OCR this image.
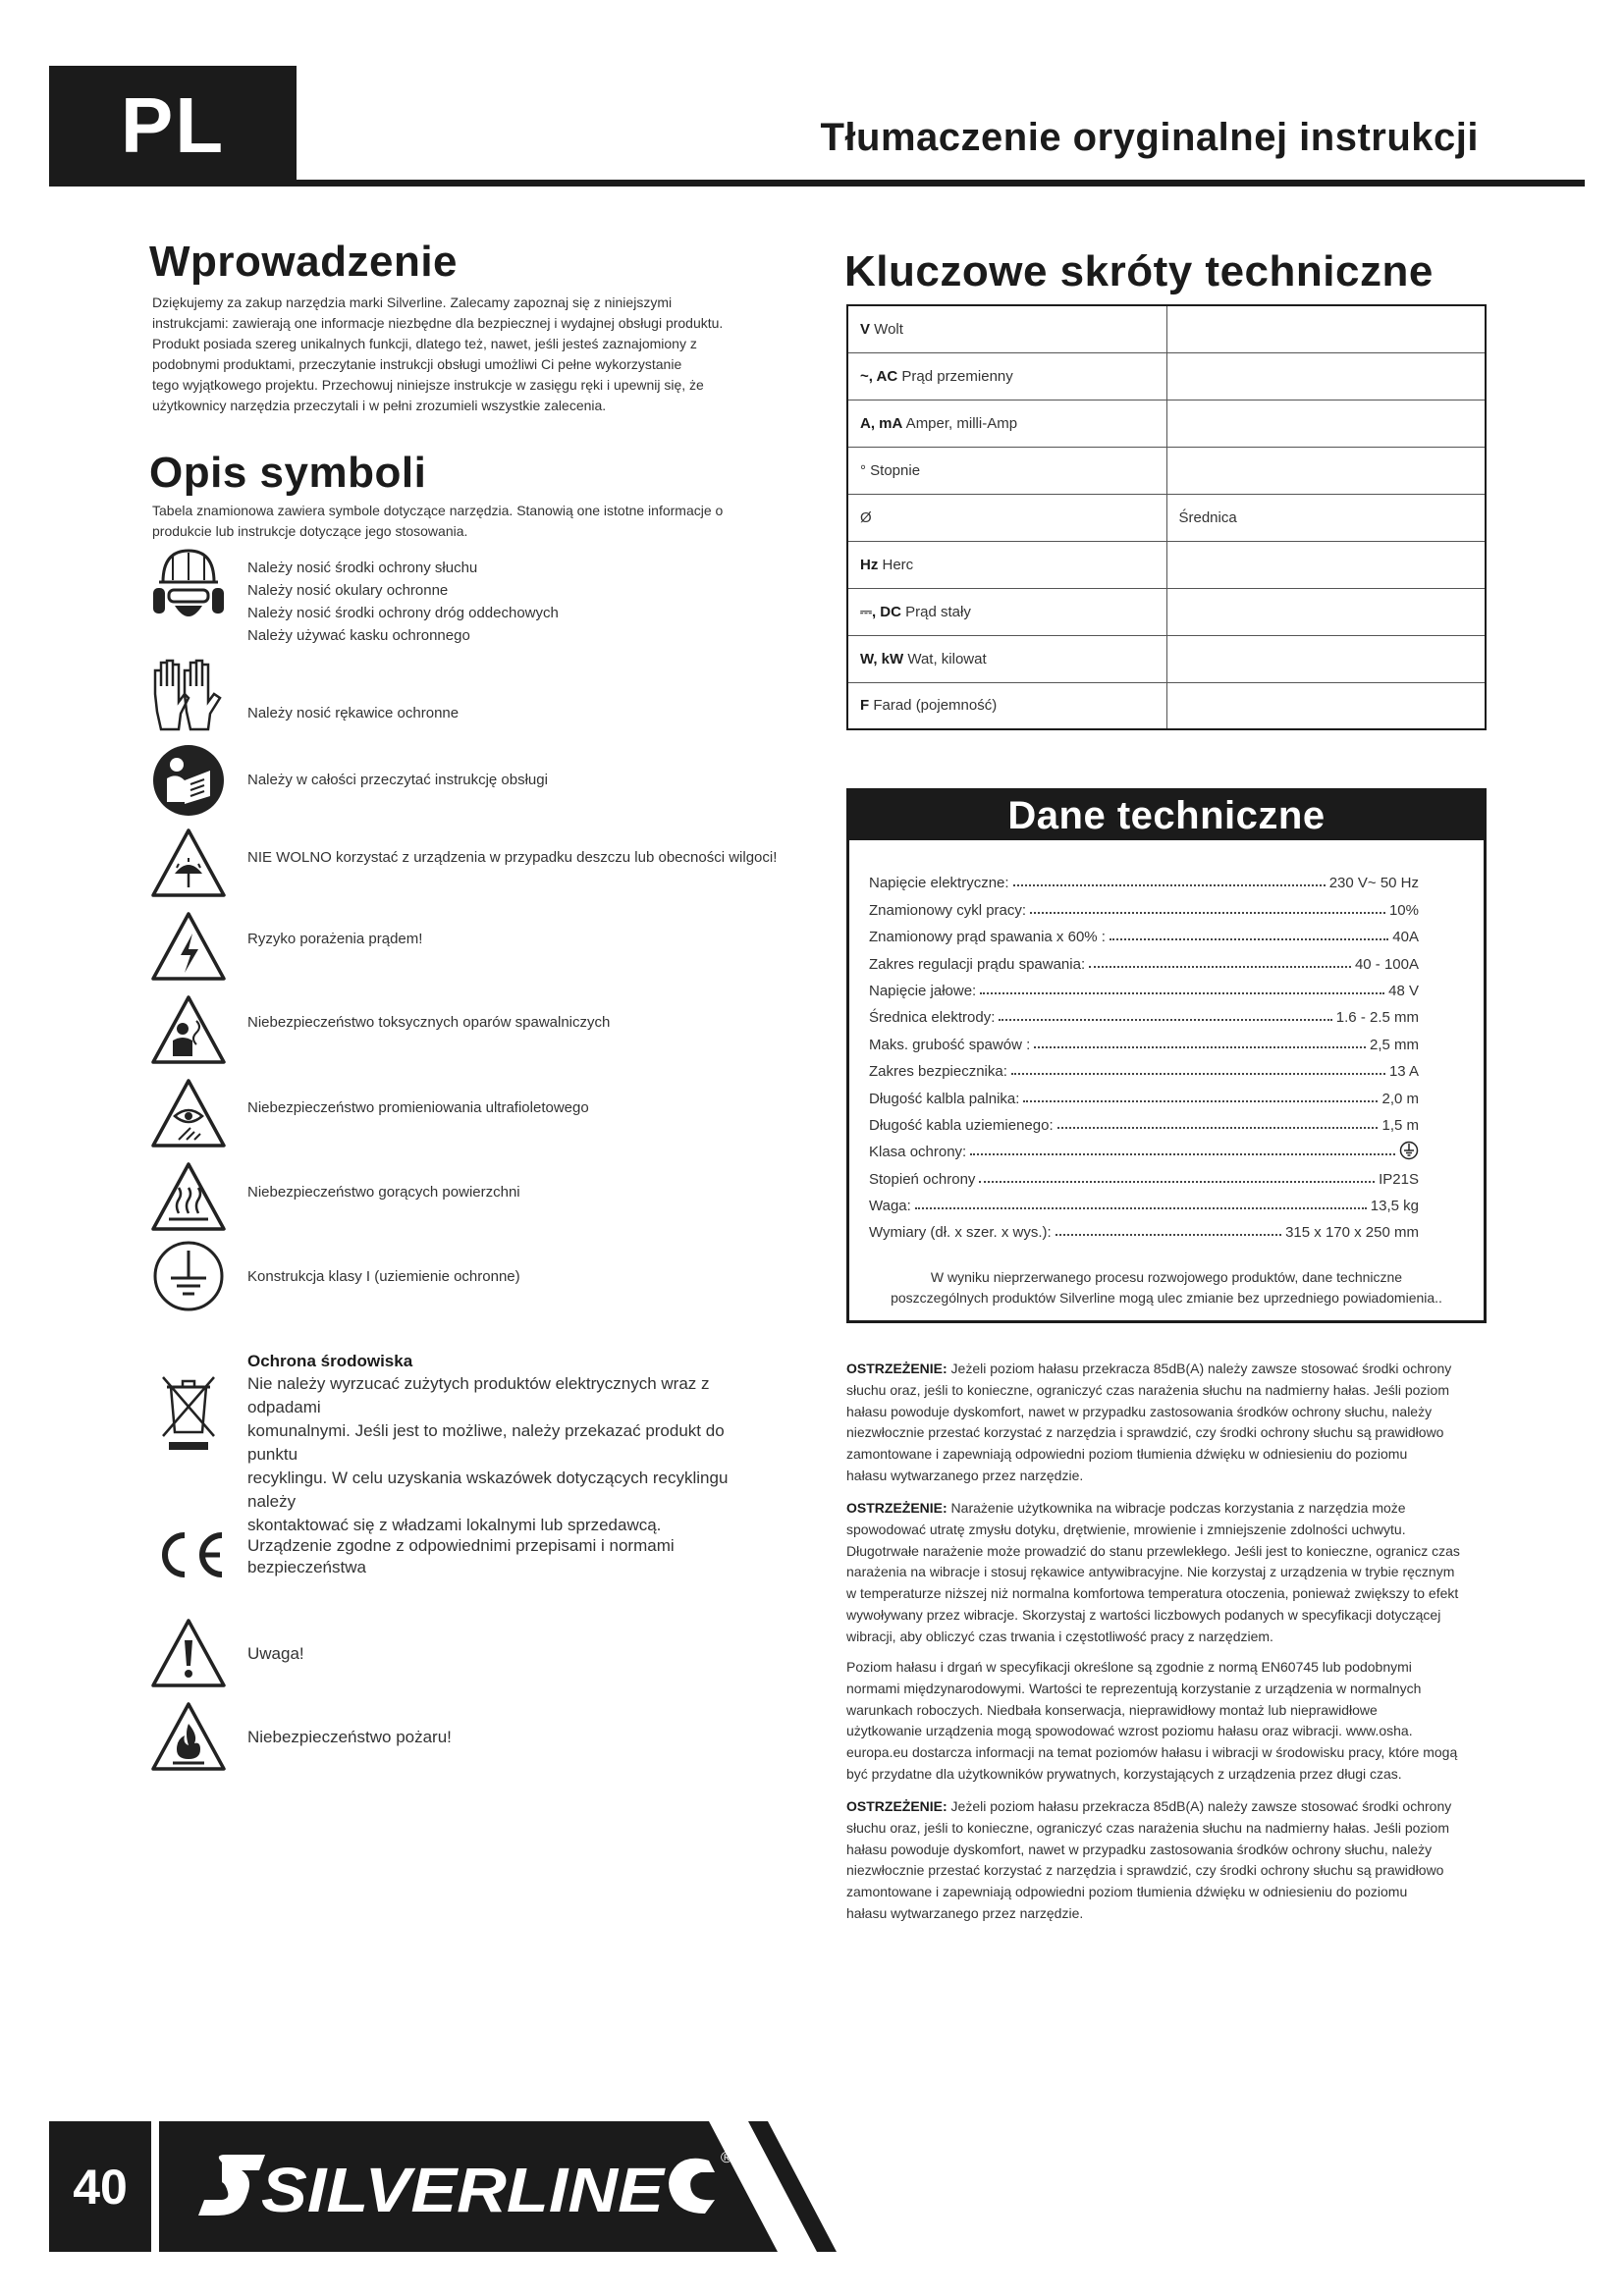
PL	Tłumaczenie oryginalnej instrukcji
Wprowadzenie
Dziękujemy za zakup narzędzia marki Silverline. Zalecamy zapoznaj się z niniejszymi
instrukcjami: zawierają one informacje niezbędne dla bezpiecznej i wydajnej obsługi produktu.
Produkt posiada szereg unikalnych funkcji, dlatego też, nawet, jeśli jesteś zaznajomiony z
podobnymi produktami, przeczytanie instrukcji obsługi umożliwi Ci pełne wykorzystanie
tego wyjątkowego projektu. Przechowuj niniejsze instrukcje w zasięgu ręki i upewnij się, że
użytkownicy narzędzia przeczytali i w pełni zrozumieli wszystkie zalecenia.
Opis symboli
Tabela znamionowa zawiera symbole dotyczące narzędzia. Stanowią one istotne informacje o
produkcie lub instrukcje dotyczące jego stosowania.
Należy nosić środki ochrony słuchu
Należy nosić okulary ochronne
Należy nosić środki ochrony dróg oddechowych
Należy używać kasku ochronnego
Należy nosić rękawice ochronne
Należy w całości przeczytać instrukcję obsługi
NIE WOLNO korzystać z urządzenia w przypadku deszczu lub obecności wilgoci!
Ryzyko porażenia prądem!
Niebezpieczeństwo toksycznych oparów spawalniczych
Niebezpieczeństwo promieniowania ultrafioletowego
Niebezpieczeństwo gorących powierzchni
Konstrukcja klasy I (uziemienie ochronne)
Ochrona środowiska
Nie należy wyrzucać zużytych produktów elektrycznych wraz z odpadami
komunalnymi. Jeśli jest to możliwe, należy przekazać produkt do punktu
recyklingu. W celu uzyskania wskazówek dotyczących recyklingu należy
skontaktować się z władzami lokalnymi lub sprzedawcą.
Urządzenie zgodne z odpowiednimi przepisami i normami
bezpieczeństwa
Uwaga!
Niebezpieczeństwo pożaru!
Kluczowe skróty techniczne
V Wolt	
~, AC Prąd przemienny	
A, mA Amper, milli-Amp	
° Stopnie	
Ø	Średnica
Hz Herc	
⎓, DC Prąd stały	
W, kW Wat, kilowat	
F Farad (pojemność)	
Dane techniczne
Napięcie elektryczne:	230 V~ 50 Hz
Znamionowy cykl pracy:	10%
Znamionowy prąd spawania x 60% :	40A
Zakres regulacji prądu spawania:	40 - 100A
Napięcie jałowe:	48 V
Średnica elektrody:	1.6 - 2.5 mm
Maks. grubość spawów :	2,5 mm
Zakres bezpiecznika:	13 A
Długość kalbla palnika:	2,0 m
Długość kabla uziemienego:	1,5 m
Klasa ochrony:
Stopień ochrony	IP21S
Waga:	13,5 kg
Wymiary (dł. x szer. x wys.):	315 x 170 x 250 mm
W wyniku nieprzerwanego procesu rozwojowego produktów, dane techniczne
poszczególnych produktów Silverline mogą ulec zmianie bez uprzedniego powiadomienia..
OSTRZEŻENIE: Jeżeli poziom hałasu przekracza 85dB(A) należy zawsze stosować środki ochrony
słuchu oraz, jeśli to konieczne, ograniczyć czas narażenia słuchu na nadmierny hałas. Jeśli poziom
hałasu powoduje dyskomfort, nawet w przypadku zastosowania środków ochrony słuchu, należy
niezwłocznie przestać korzystać z narzędzia i sprawdzić, czy środki ochrony słuchu są prawidłowo
zamontowane i zapewniają odpowiedni poziom tłumienia dźwięku w odniesieniu do poziomu
hałasu wytwarzanego przez narzędzie.
OSTRZEŻENIE: Narażenie użytkownika na wibracje podczas korzystania z narzędzia może
spowodować utratę zmysłu dotyku, drętwienie, mrowienie i zmniejszenie zdolności uchwytu.
Długotrwałe narażenie może prowadzić do stanu przewlekłego. Jeśli jest to konieczne, ogranicz czas
narażenia na wibracje i stosuj rękawice antywibracyjne. Nie korzystaj z urządzenia w trybie ręcznym
w temperaturze niższej niż normalna komfortowa temperatura otoczenia, ponieważ zwiększy to efekt
wywoływany przez wibracje. Skorzystaj z wartości liczbowych podanych w specyfikacji dotyczącej
wibracji, aby obliczyć czas trwania i częstotliwość pracy z narzędziem.
Poziom hałasu i drgań w specyfikacji określone są zgodnie z normą EN60745 lub podobnymi
normami międzynarodowymi. Wartości te reprezentują korzystanie z urządzenia w normalnych
warunkach roboczych. Niedbała konserwacja, nieprawidłowy montaż lub nieprawidłowe
użytkowanie urządzenia mogą spowodować wzrost poziomu hałasu oraz wibracji. www.osha.
europa.eu dostarcza informacji na temat poziomów hałasu i wibracji w środowisku pracy, które mogą
być przydatne dla użytkowników prywatnych, korzystających z urządzenia przez długi czas.
OSTRZEŻENIE: Jeżeli poziom hałasu przekracza 85dB(A) należy zawsze stosować środki ochrony
słuchu oraz, jeśli to konieczne, ograniczyć czas narażenia słuchu na nadmierny hałas. Jeśli poziom
hałasu powoduje dyskomfort, nawet w przypadku zastosowania środków ochrony słuchu, należy
niezwłocznie przestać korzystać z narzędzia i sprawdzić, czy środki ochrony słuchu są prawidłowo
zamontowane i zapewniają odpowiedni poziom tłumienia dźwięku w odniesieniu do poziomu
hałasu wytwarzanego przez narzędzie.
40	SILVERLINE	®
